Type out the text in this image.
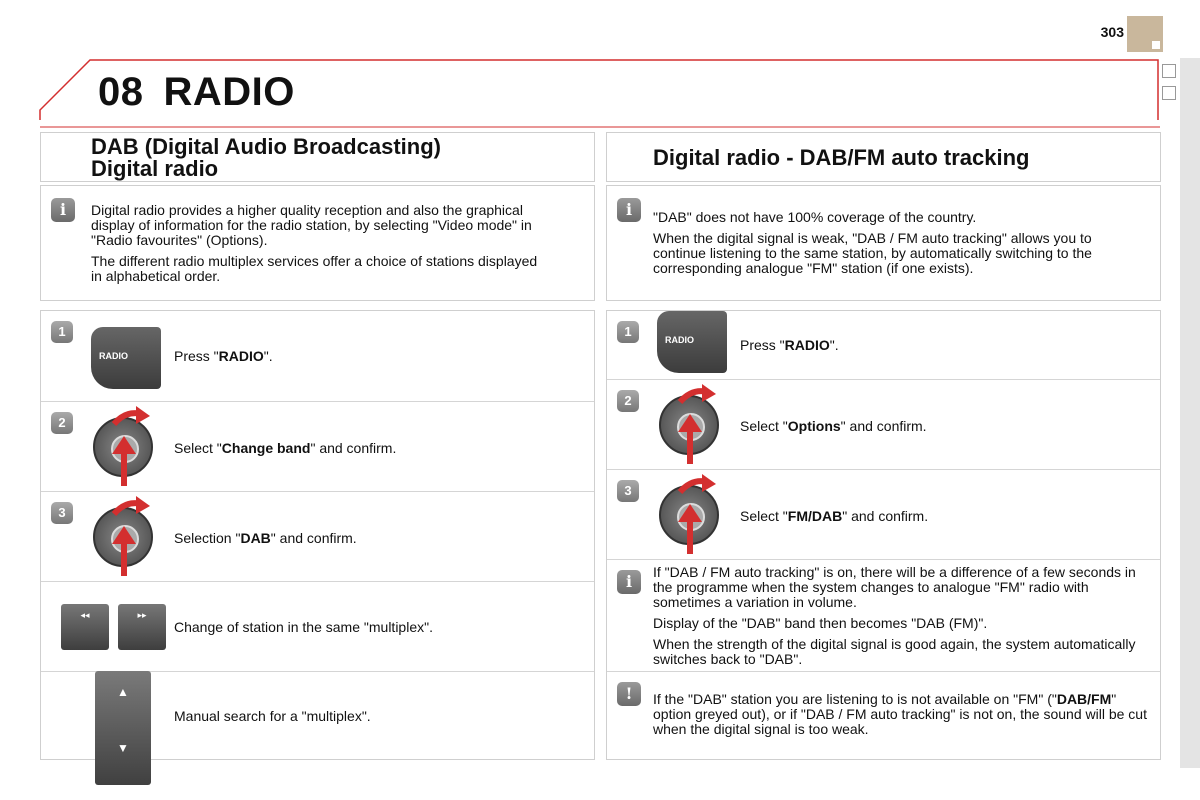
303
08 RADIO
DAB (Digital Audio Broadcasting)
Digital radio
i	Digital radio provides a higher quality reception and also the graphical display of information for the radio station, by selecting "Video mode" in "Radio favourites" (Options).

The different radio multiplex services offer a choice of stations displayed in alphabetical order.

1
RADIO	Press "RADIO".
2
Select "Change band" and confirm.
3
Selection "DAB" and confirm.
◂◂	▸▸
Change of station in the same "multiplex".
▲
▼
Manual search for a "multiplex".
Digital radio - DAB/FM auto tracking
i	"DAB" does not have 100% coverage of the country.

When the digital signal is weak, "DAB / FM auto tracking" allows you to continue listening to the same station, by automatically switching to the corresponding analogue "FM" station (if one exists).

1
RADIO	Press "RADIO".
2
Select "Options" and confirm.
3
Select "FM/DAB" and confirm.
i	If "DAB / FM auto tracking" is on, there will be a difference of a few seconds in the programme when the system changes to analogue "FM" radio with sometimes a variation in volume.

Display of the "DAB" band then becomes "DAB (FM)".

When the strength of the digital signal is good again, the system automatically switches back to "DAB".

!	If the "DAB" station you are listening to is not available on "FM" ("DAB/FM" option greyed out), or if "DAB / FM auto tracking" is not on, the sound will be cut when the digital signal is too weak.
